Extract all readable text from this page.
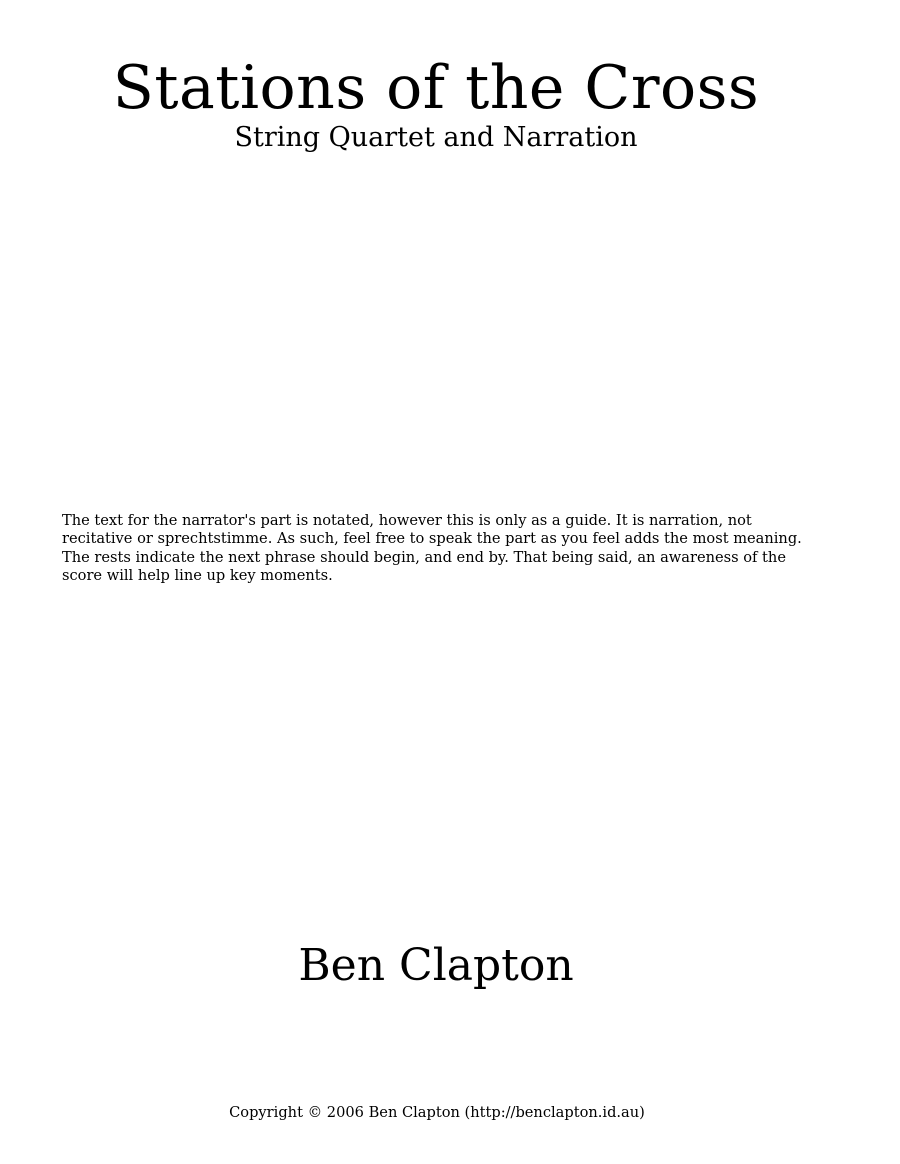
Stations of the Cross
String Quartet and Narration

The text for the narrator's part is notated, however this is only as a guide. It is narration, not recitative or sprechtstimme. As such, feel free to speak the part as you feel adds the most meaning. The rests indicate the next phrase should begin, and end by. That being said, an awareness of the score will help line up key moments.

Ben Clapton

Copyright © 2006 Ben Clapton (http://benclapton.id.au)
